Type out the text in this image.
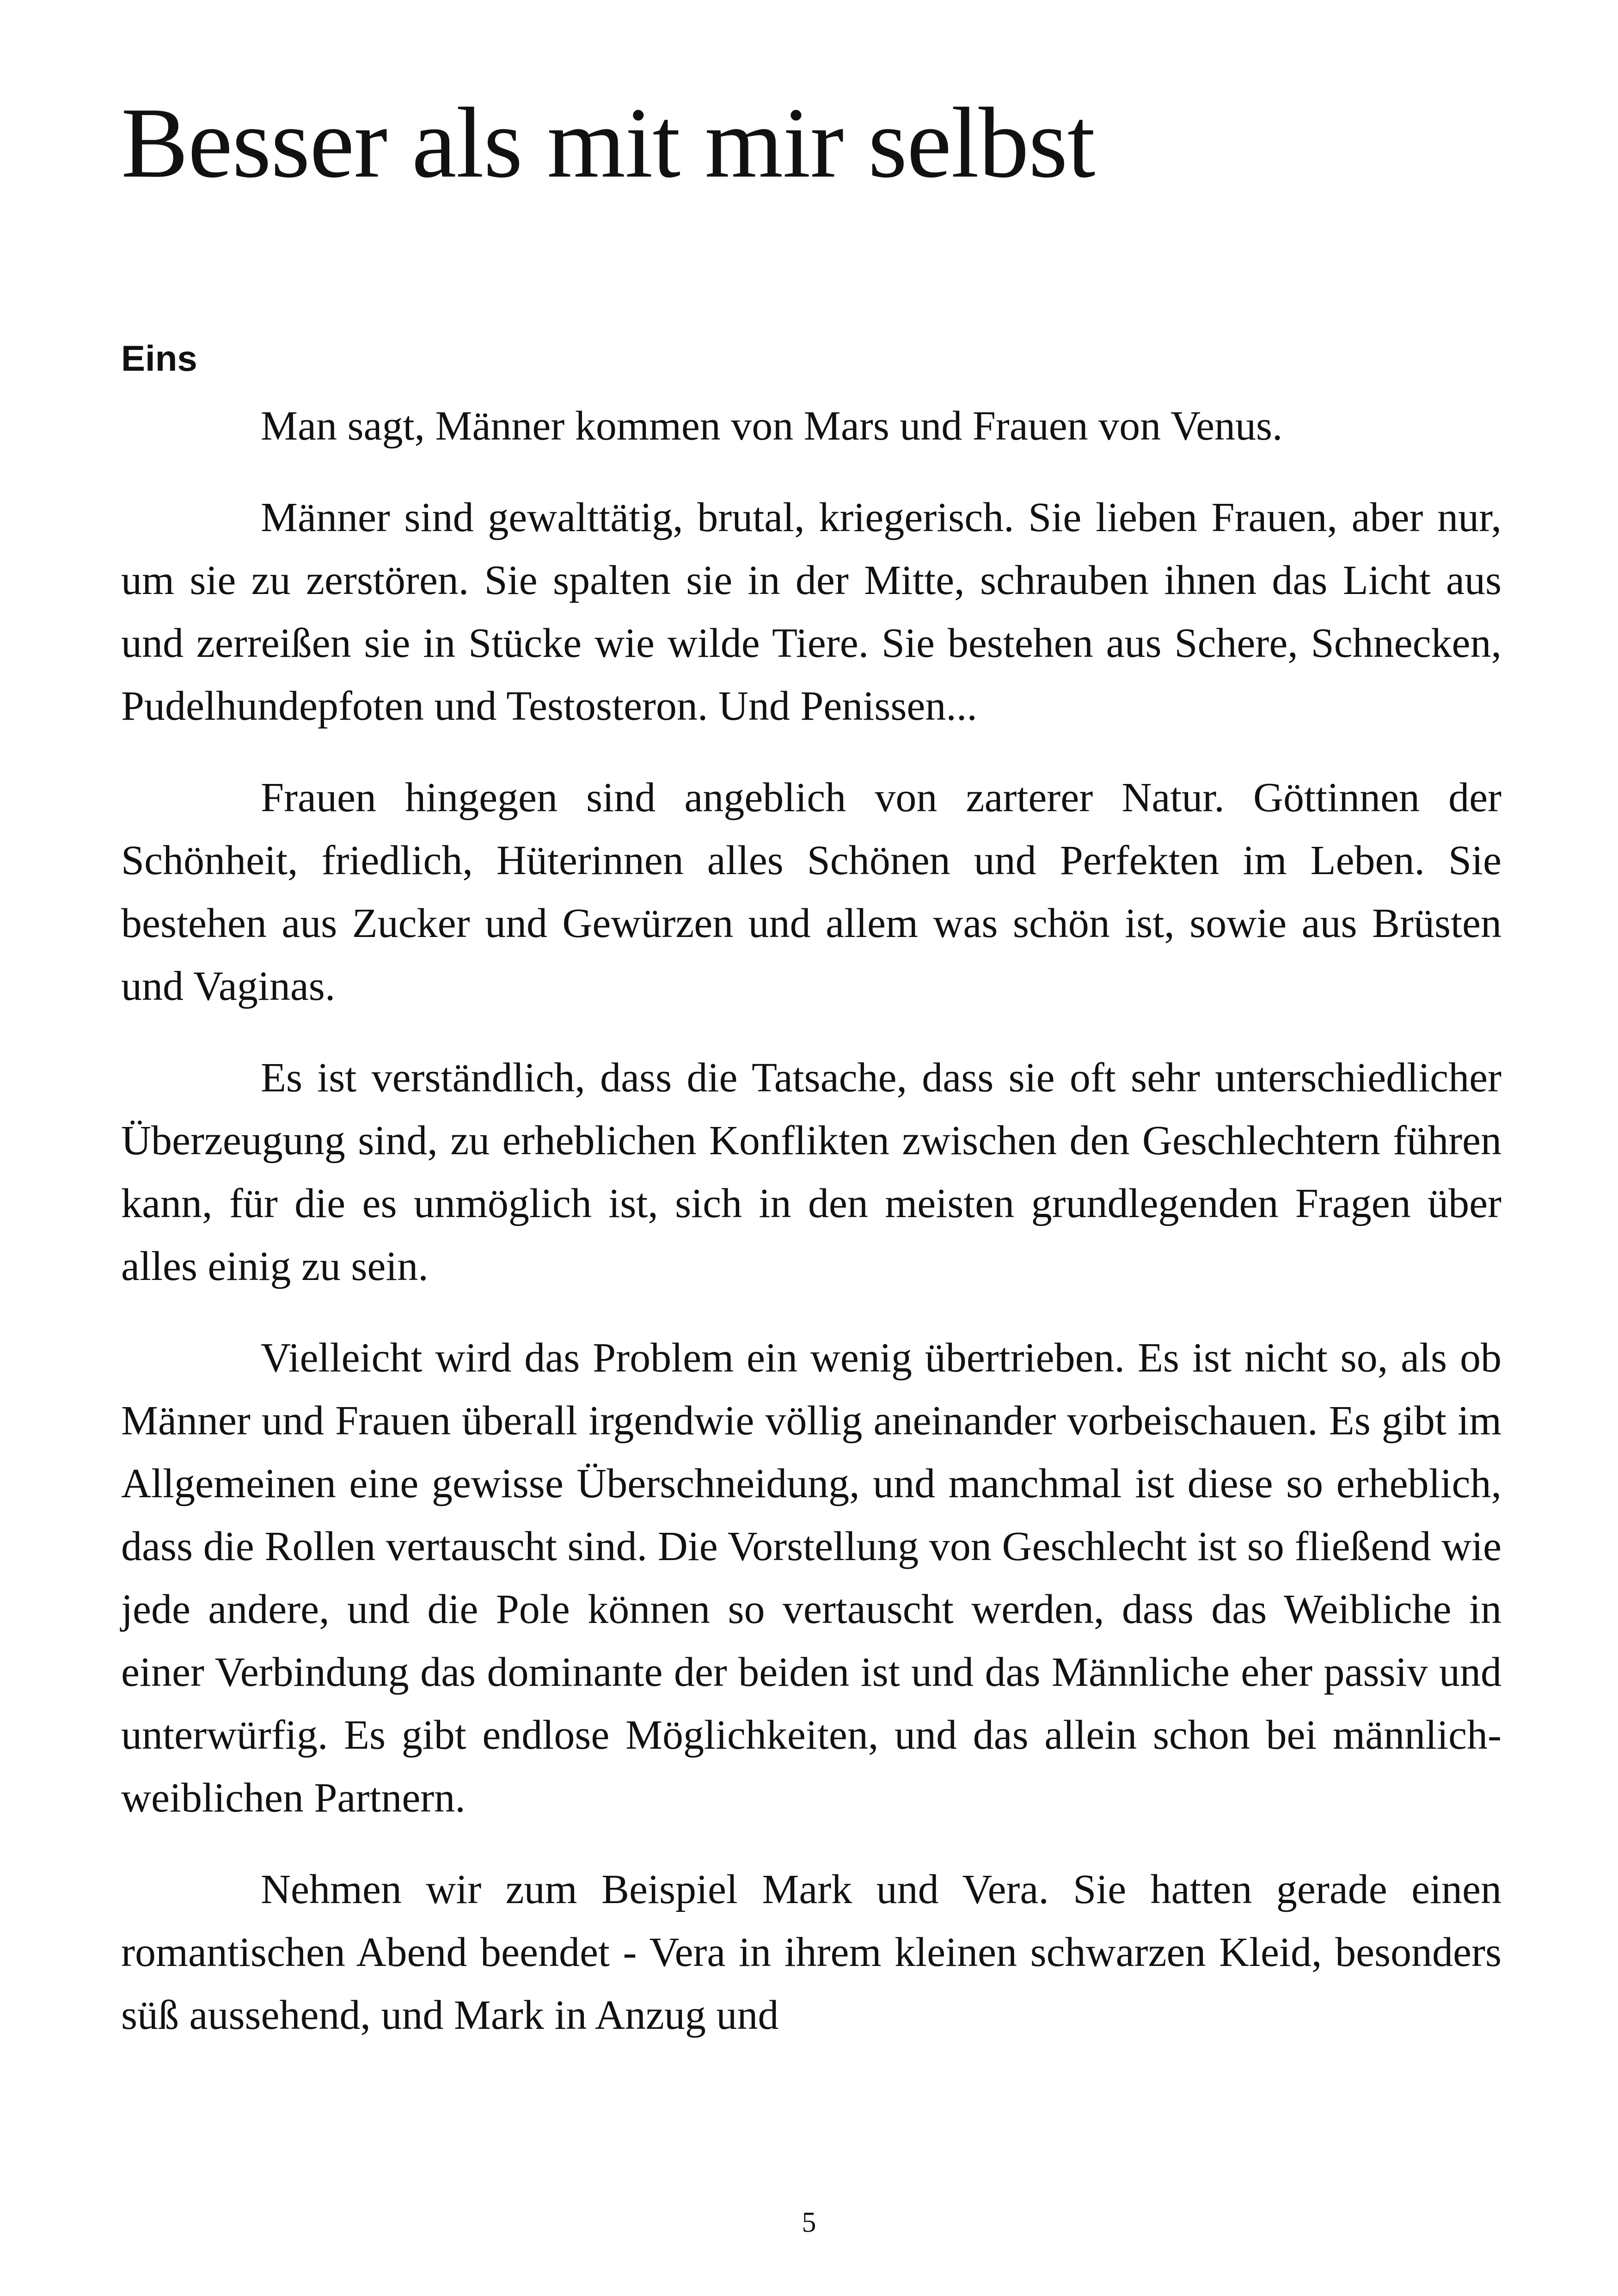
Besser als mit mir selbst
Eins

Man sagt, Männer kommen von Mars und Frauen von Venus.

Männer sind gewalttätig, brutal, kriegerisch. Sie lieben Frauen, aber nur, um sie zu zerstören. Sie spalten sie in der Mitte, schrauben ihnen das Licht aus und zerreißen sie in Stücke wie wilde Tiere. Sie bestehen aus Schere, Schnecken, Pudelhundepfoten und Testosteron. Und Penissen...

Frauen hingegen sind angeblich von zarterer Natur. Göttinnen der Schönheit, friedlich, Hüterinnen alles Schönen und Perfekten im Leben. Sie bestehen aus Zucker und Gewürzen und allem was schön ist, sowie aus Brüsten und Vaginas.

Es ist verständlich, dass die Tatsache, dass sie oft sehr unterschiedlicher Überzeugung sind, zu erheblichen Konflikten zwischen den Geschlechtern führen kann, für die es unmöglich ist, sich in den meisten grundlegenden Fragen über alles einig zu sein.

Vielleicht wird das Problem ein wenig übertrieben. Es ist nicht so, als ob Männer und Frauen überall irgendwie völlig aneinander vorbeischauen. Es gibt im Allgemeinen eine gewisse Überschneidung, und manchmal ist diese so erheblich, dass die Rollen vertauscht sind. Die Vorstellung von Geschlecht ist so fließend wie jede andere, und die Pole können so vertauscht werden, dass das Weibliche in einer Verbindung das dominante der beiden ist und das Männliche eher passiv und unterwürfig. Es gibt endlose Möglichkeiten, und das allein schon bei männlich-weiblichen Partnern.

Nehmen wir zum Beispiel Mark und Vera. Sie hatten gerade einen romantischen Abend beendet - Vera in ihrem kleinen schwarzen Kleid, besonders süß aussehend, und Mark in Anzug und

5
